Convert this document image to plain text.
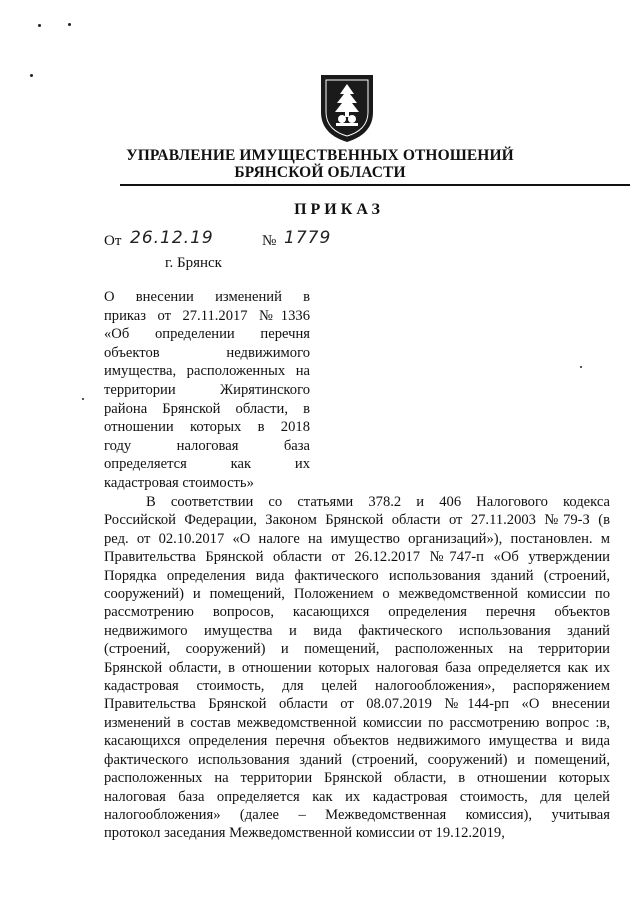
УПРАВЛЕНИЕ ИМУЩЕСТВЕННЫХ ОТНОШЕНИЙ
БРЯНСКОЙ ОБЛАСТИ
ПРИКАЗ
От 26.12.19	№ 1779
г. Брянск
О внесении изменений в
приказ от 27.11.2017 №1336
«Об определении перечня
объектов недвижимого
имущества, расположенных на
территории Жирятинского
района Брянской области, в
отношении которых в 2018
году налоговая база
определяется как их
кадастровая стоимость»
В соответствии со статьями 378.2 и 406 Налогового кодекса
Российской Федерации, Законом Брянской области от 27.11.2003 №79-З (в
ред. от 02.10.2017 «О налоге на имущество организаций»), постановлен. м
Правительства Брянской области от 26.12.2017 №747-п «Об утверждении
Порядка определения вида фактического использования зданий (строений,
сооружений) и помещений, Положением о межведомственной комиссии по
рассмотрению вопросов, касающихся определения перечня объектов
недвижимого имущества и вида фактического использования зданий
(строений, сооружений) и помещений, расположенных на территории
Брянской области, в отношении которых налоговая база определяется как их
кадастровая стоимость, для целей налогообложения», распоряжением
Правительства Брянской области от 08.07.2019 №144-рп «О внесении
изменений в состав межведомственной комиссии по рассмотрению вопрос :в,
касающихся определения перечня объектов недвижимого имущества и вида
фактического использования зданий (строений, сооружений) и помещений,
расположенных на территории Брянской области, в отношении которых
налоговая база определяется как их кадастровая стоимость, для целей
налогообложения» (далее – Межведомственная комиссия), учитывая
протокол заседания Межведомственной комиссии от 19.12.2019,
